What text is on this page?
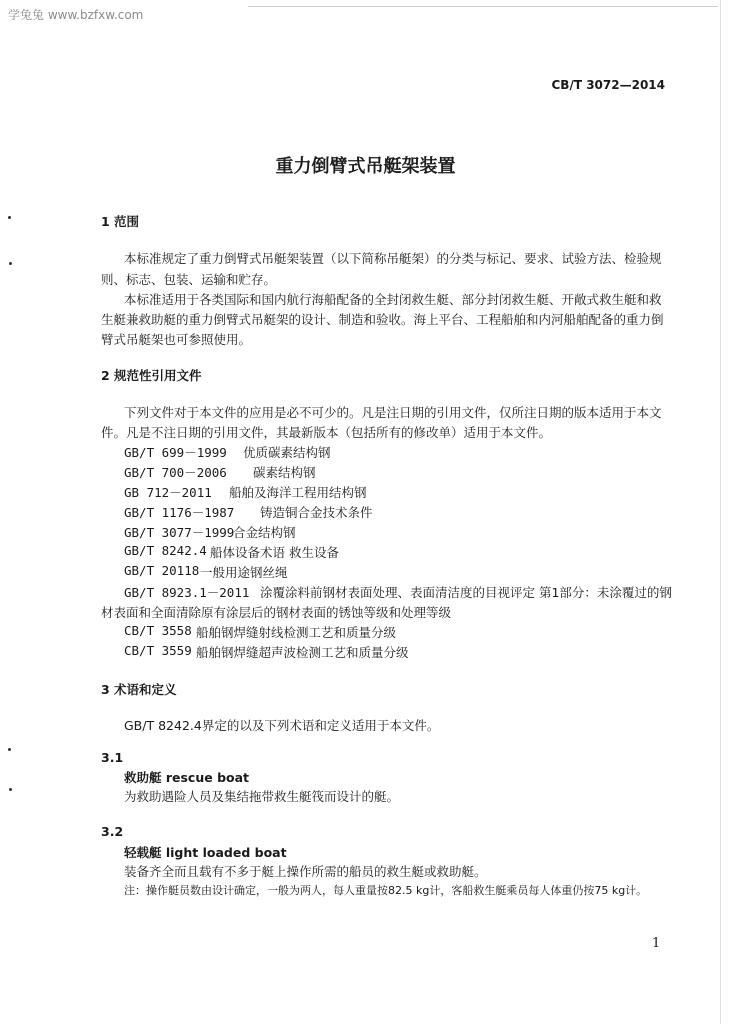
学兔兔 www.bzfxw.com
CB/T 3072—2014
重力倒臂式吊艇架装置
1 范围
本标准规定了重力倒臂式吊艇架装置（以下简称吊艇架）的分类与标记、要求、试验方法、检验规
则、标志、包装、运输和贮存。
本标准适用于各类国际和国内航行海船配备的全封闭救生艇、部分封闭救生艇、开敞式救生艇和救
生艇兼救助艇的重力倒臂式吊艇架的设计、制造和验收。海上平台、工程船舶和内河船舶配备的重力倒
臂式吊艇架也可参照使用。
2 规范性引用文件
下列文件对于本文件的应用是必不可少的。凡是注日期的引用文件，仅所注日期的版本适用于本文
件。凡是不注日期的引用文件，其最新版本（包括所有的修改单）适用于本文件。
GB/T 699－1999 优质碳素结构钢
GB/T 700－2006 碳素结构钢
GB 712－2011 船舶及海洋工程用结构钢
GB/T 1176－1987 铸造铜合金技术条件
GB/T 3077－1999
合金结构钢
GB/T 8242.4 船体设备术语 救生设备
GB/T 20118 一般用途钢丝绳
GB/T 8923.1－2011 涂覆涂料前钢材表面处理、表面清洁度的目视评定 第1部分：未涂覆过的钢
材表面和全面清除原有涂层后的钢材表面的锈蚀等级和处理等级
CB/T 3558 船舶钢焊缝射线检测工艺和质量分级
CB/T 3559 船舶钢焊缝超声波检测工艺和质量分级
3 术语和定义
GB/T 8242.4界定的以及下列术语和定义适用于本文件。
3.1
救助艇 rescue boat
为救助遇险人员及集结拖带救生艇筏而设计的艇。
3.2
轻载艇 light loaded boat
装备齐全而且载有不多于艇上操作所需的船员的救生艇或救助艇。
注：操作艇员数由设计确定，一般为两人，每人重量按82.5 kg计，客船救生艇乘员每人体重仍按75 kg计。
1
